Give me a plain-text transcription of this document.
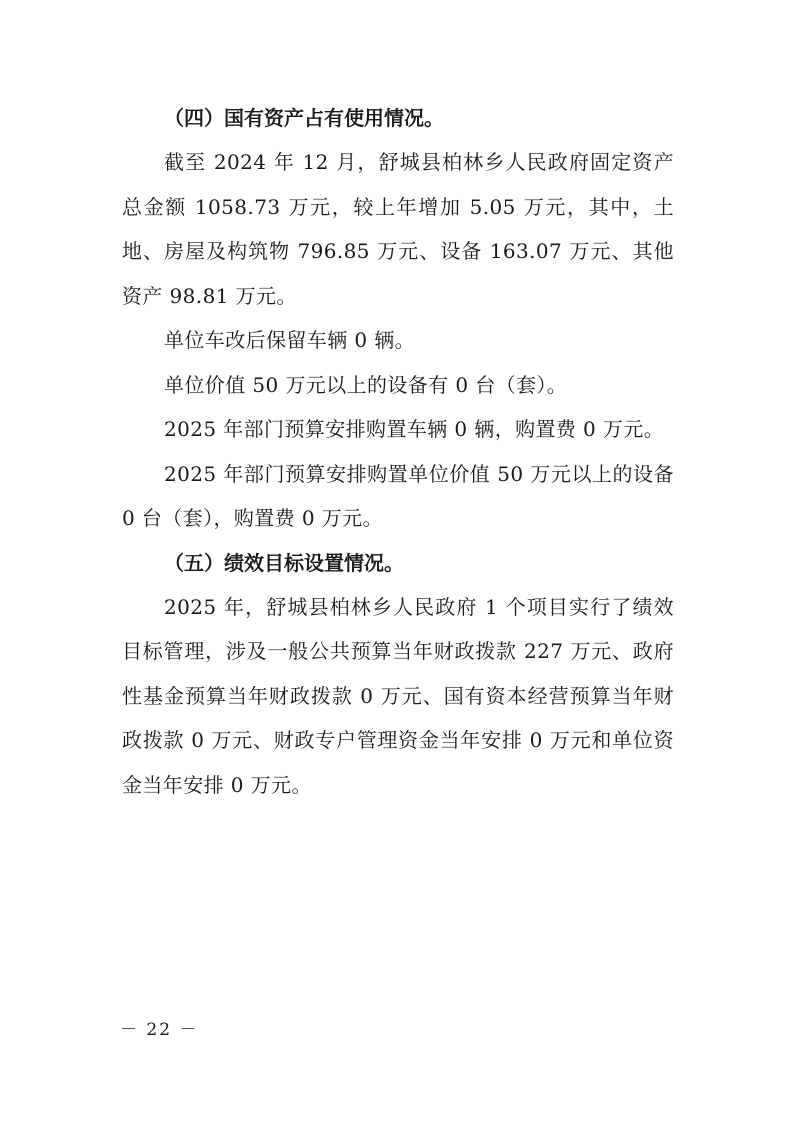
（四）国有资产占有使用情况。

截至 2024 年 12 月，舒城县柏林乡人民政府固定资产总金额 1058.73 万元，较上年增加 5.05 万元，其中，土地、房屋及构筑物 796.85 万元、设备 163.07 万元、其他资产 98.81 万元。

单位车改后保留车辆 0 辆。

单位价值 50 万元以上的设备有 0 台（套）。

2025 年部门预算安排购置车辆 0 辆，购置费 0 万元。

2025 年部门预算安排购置单位价值 50 万元以上的设备 0 台（套），购置费 0 万元。

（五）绩效目标设置情况。

2025 年，舒城县柏林乡人民政府 1 个项目实行了绩效目标管理，涉及一般公共预算当年财政拨款 227 万元、政府性基金预算当年财政拨款 0 万元、国有资本经营预算当年财政拨款 0 万元、财政专户管理资金当年安排 0 万元和单位资金当年安排 0 万元。

－ 22 －
